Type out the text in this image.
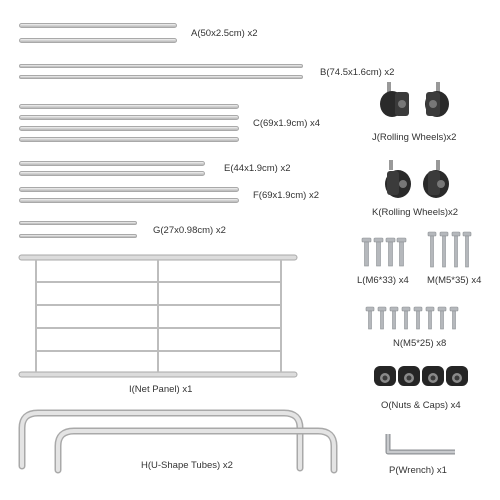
A(50x2.5cm) x2
B(74.5x1.6cm) x2
C(69x1.9cm) x4
E(44x1.9cm) x2
F(69x1.9cm) x2
G(27x0.98cm) x2
I(Net Panel) x1
H(U-Shape Tubes) x2
J(Rolling Wheels)x2
K(Rolling Wheels)x2
L(M6*33) x4 M(M5*35) x4
N(M5*25) x8
O(Nuts & Caps) x4
P(Wrench) x1
